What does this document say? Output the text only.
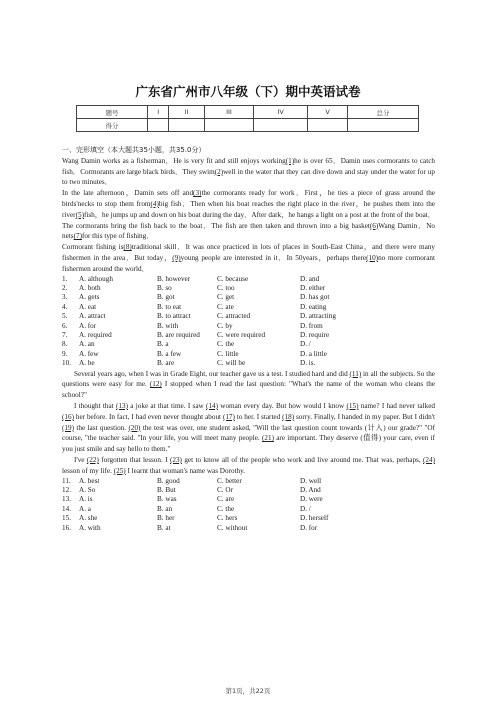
广东省广州市八年级（下）期中英语试卷
题号	I	II	III	IV	V	总分
得分						

一、完形填空（本大题共35小题，共35.0分）

Wang Damin works as a fisherman．He is very fit and still enjoys working(1)he is over 65．Damin uses cormorants to catch fish．Cormorants are large black birds．They swim(2)well in the water that they can dive down and stay under the water for up to two minutes．

In the late afternoon，Damin sets off and(3)the cormorants ready for work．First，he ties a piece of grass around the birds'necks to stop them from(4)big fish．Then when his boat reaches the right place in the river，he pushes them into the river(5)fish，he jumps up and down on his boat during the day．After dark，he hangs a light on a post at the front of the boat．The cormorants bring the fish back to the boat．The fish are then taken and thrown into a big basket(6)Wang Damin．No nets(7)for this type of fishing．

Cormorant fishing is(8)traditional skill．It was once practiced in lots of places in South-East China，and there were many fishermen in the area．But today，(9)young people are interested in it．In 50years，perhaps there(10)no more cormorant fishermen around the world．

1.	A. although	B. however	C. because	D. and
2.	A. both	B. so	C. too	D. either
3.	A. gets	B. got	C. get	D. has got
4.	A. eat	B. to eat	C. ate	D. eating
5.	A. attract	B. to attract	C. attracted	D. attracting
6.	A. for	B. with	C. by	D. from
7.	A. required	B. are required	C. were required	D. require
8.	A. an	B. a	C. the	D. /
9.	A. few	B. a few	C. little	D. a little
10.	A. be	B. are	C. will be	D. is.

Several years ago, when I was in Grade Eight, our teacher gave us a test. I studied hard and did (11) in all the subjects. So the questions were easy for me. (12) I stopped when I read the last question: "What's the name of the woman who cleans the school?"

I thought that (13) a joke at that time. I saw (14) woman every day. But how would I know (15) name? I had never talked (16) her before. In fact, I had even never thought about (17) to her. I started (18) sorry. Finally, I handed in my paper. But I didn't (19) the last question. (20) the test was over, one student asked, "Will the last question count towards (计入) our grade?" "Of course, "the teacher said. "In your life, you will meet many people. (21) are important. They deserve (值得) your care, even if you just smile and say hello to them."

I've (22) forgotten that lesson. I (23) get to know all of the people who work and live around me. That was, perhaps, (24) lesson of my life. (25) I learnt that woman's name was Dorothy.

11.	A. best	B. good	C. better	D. well
12.	A. So	B. But	C. Or	D. And
13.	A. is	B. was	C. are	D. were
14.	A. a	B. an	C. the	D. /
15.	A. she	B. her	C. hers	D. herself
16.	A. with	B. at	C. without	D. for
第1页，共22页
